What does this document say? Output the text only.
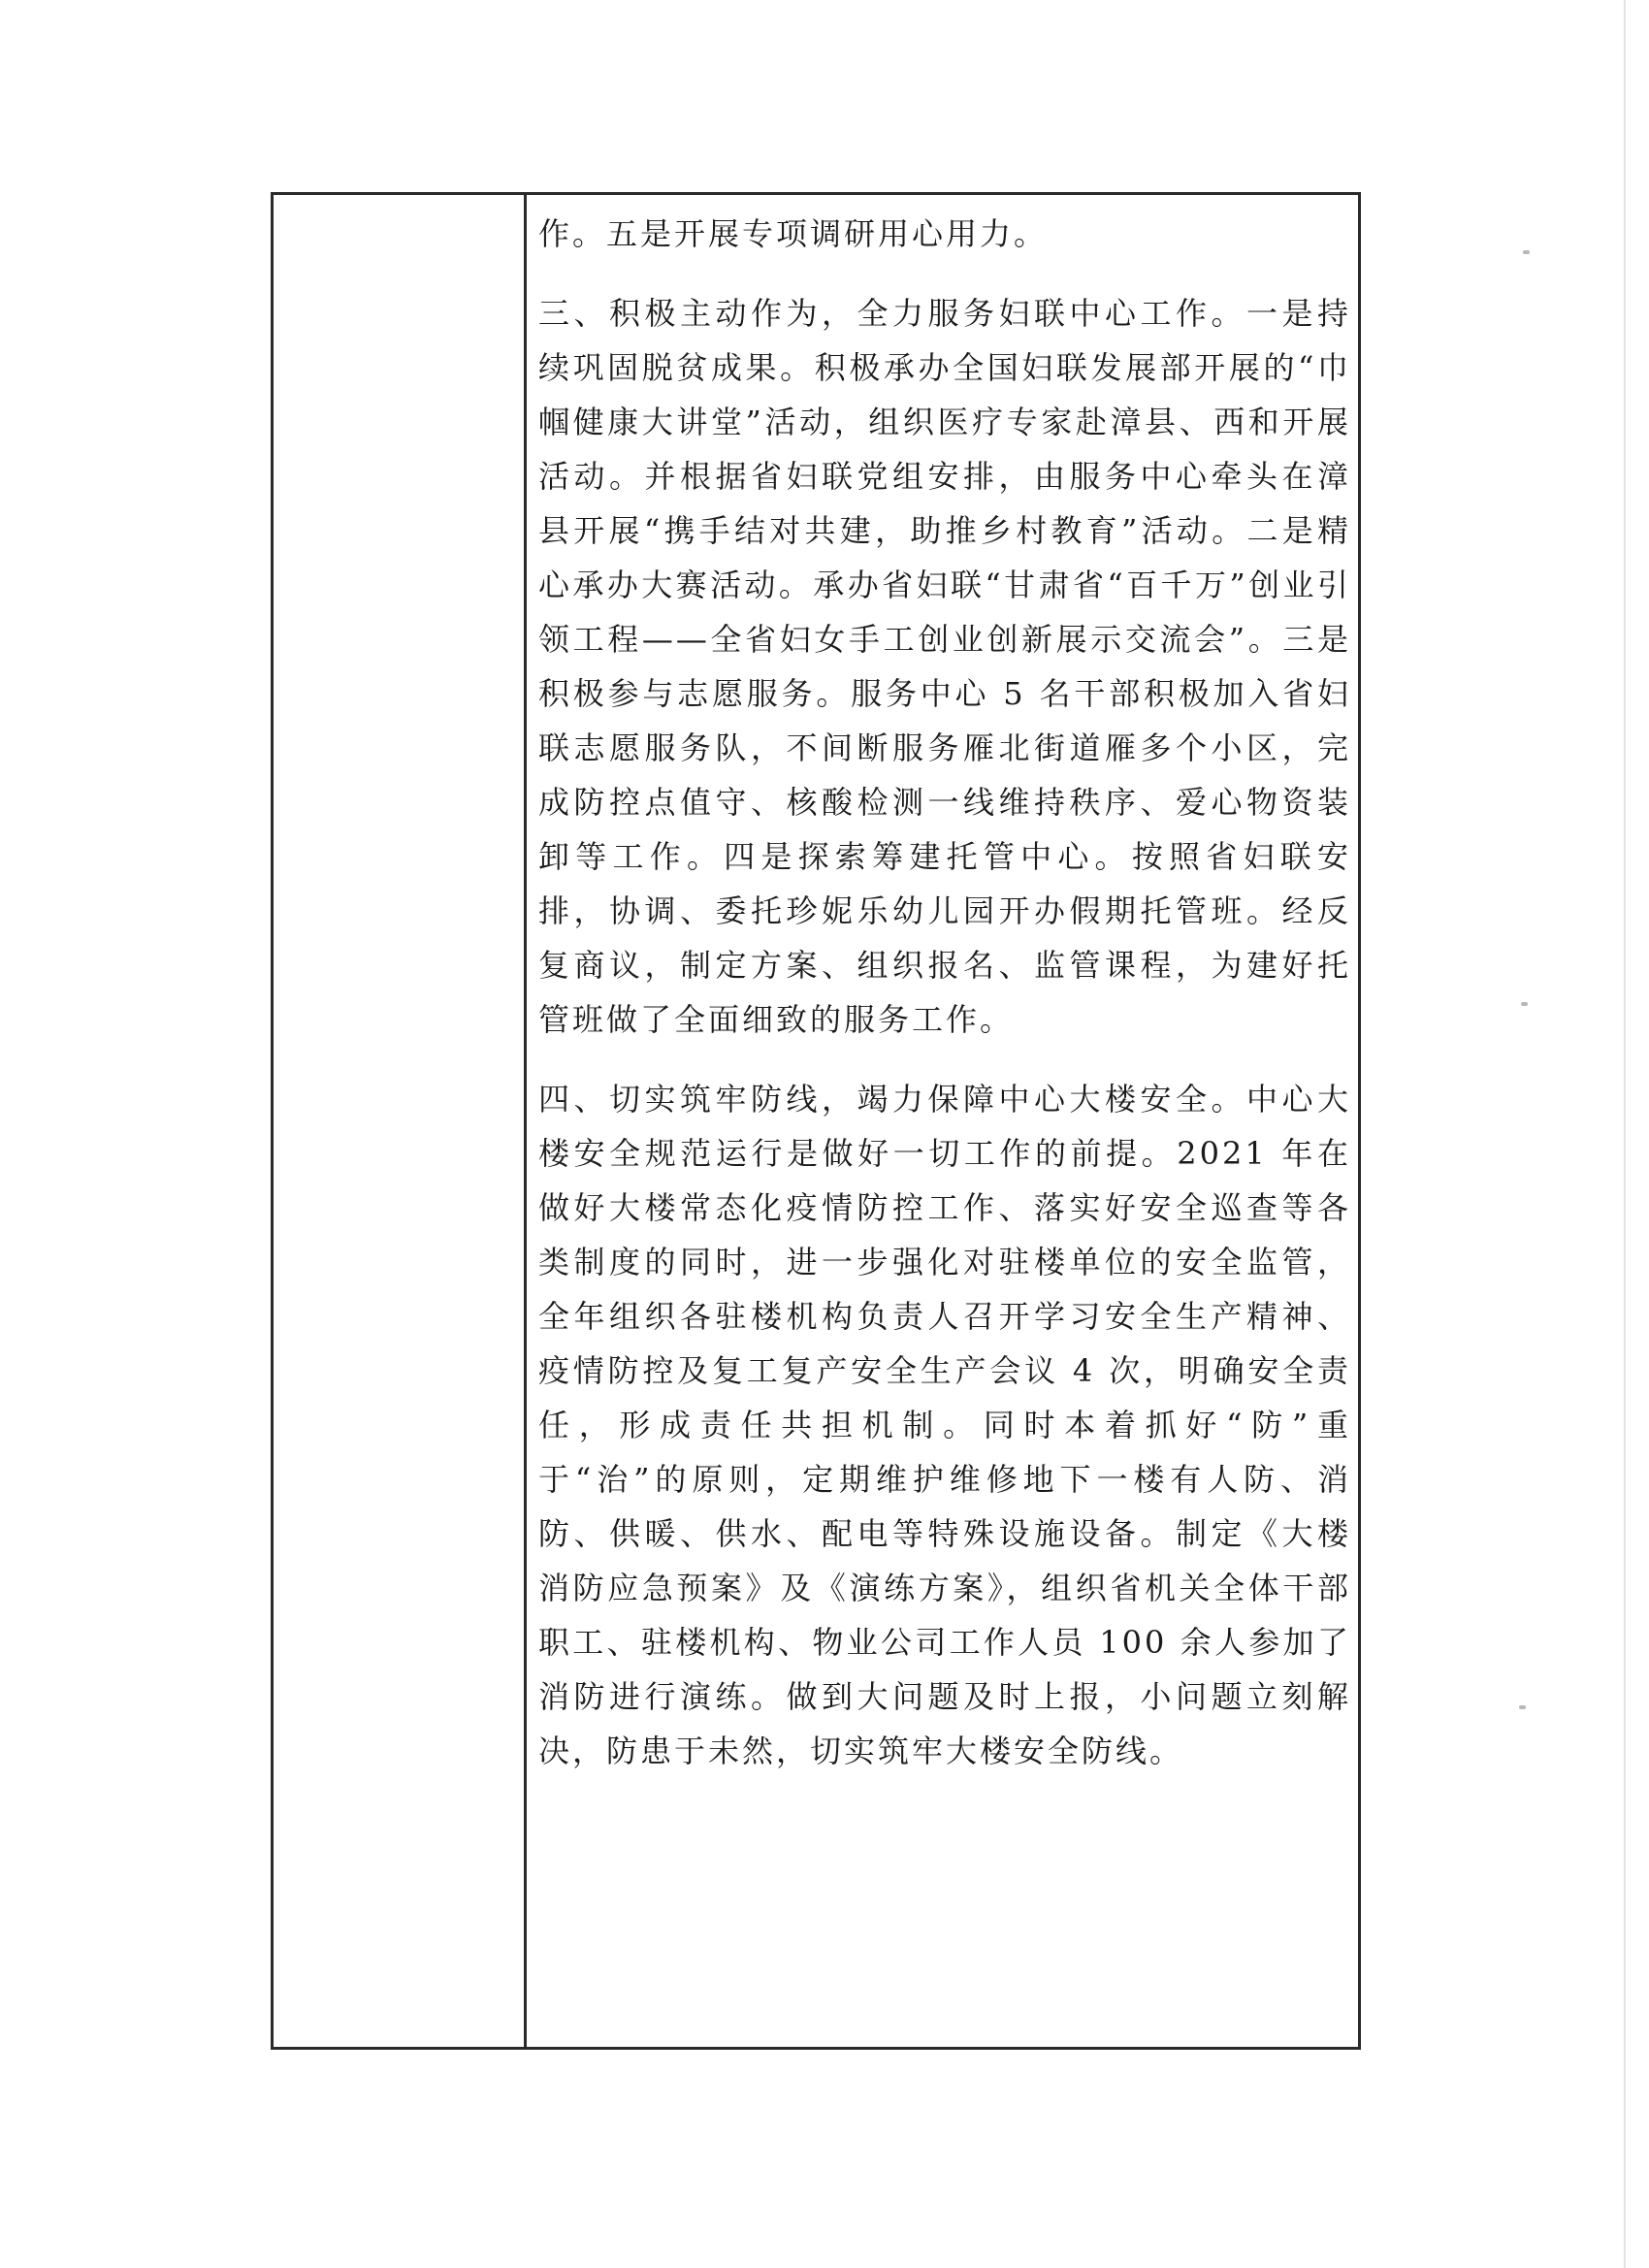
作。五是开展专项调研用心用力。

三、积极主动作为，全力服务妇联中心工作。一是持续巩固脱贫成果。积极承办全国妇联发展部开展的“巾帼健康大讲堂”活动，组织医疗专家赴漳县、西和开展活动。并根据省妇联党组安排，由服务中心牵头在漳县开展“携手结对共建，助推乡村教育”活动。二是精心承办大赛活动。承办省妇联“甘肃省“百千万”创业引领工程——全省妇女手工创业创新展示交流会”。三是积极参与志愿服务。服务中心 5 名干部积极加入省妇联志愿服务队，不间断服务雁北街道雁多个小区，完成防控点值守、核酸检测一线维持秩序、爱心物资装卸等工作。四是探索筹建托管中心。按照省妇联安排，协调、委托珍妮乐幼儿园开办假期托管班。经反复商议，制定方案、组织报名、监管课程，为建好托管班做了全面细致的服务工作。

四、切实筑牢防线，竭力保障中心大楼安全。中心大楼安全规范运行是做好一切工作的前提。2021 年在做好大楼常态化疫情防控工作、落实好安全巡查等各类制度的同时，进一步强化对驻楼单位的安全监管，全年组织各驻楼机构负责人召开学习安全生产精神、疫情防控及复工复产安全生产会议 4 次，明确安全责任，形成责任共担机制。同时本着抓好“防”重于“治”的原则，定期维护维修地下一楼有人防、消防、供暖、供水、配电等特殊设施设备。制定《大楼消防应急预案》及《演练方案》，组织省机关全体干部职工、驻楼机构、物业公司工作人员 100 余人参加了消防进行演练。做到大问题及时上报，小问题立刻解决，防患于未然，切实筑牢大楼安全防线。
